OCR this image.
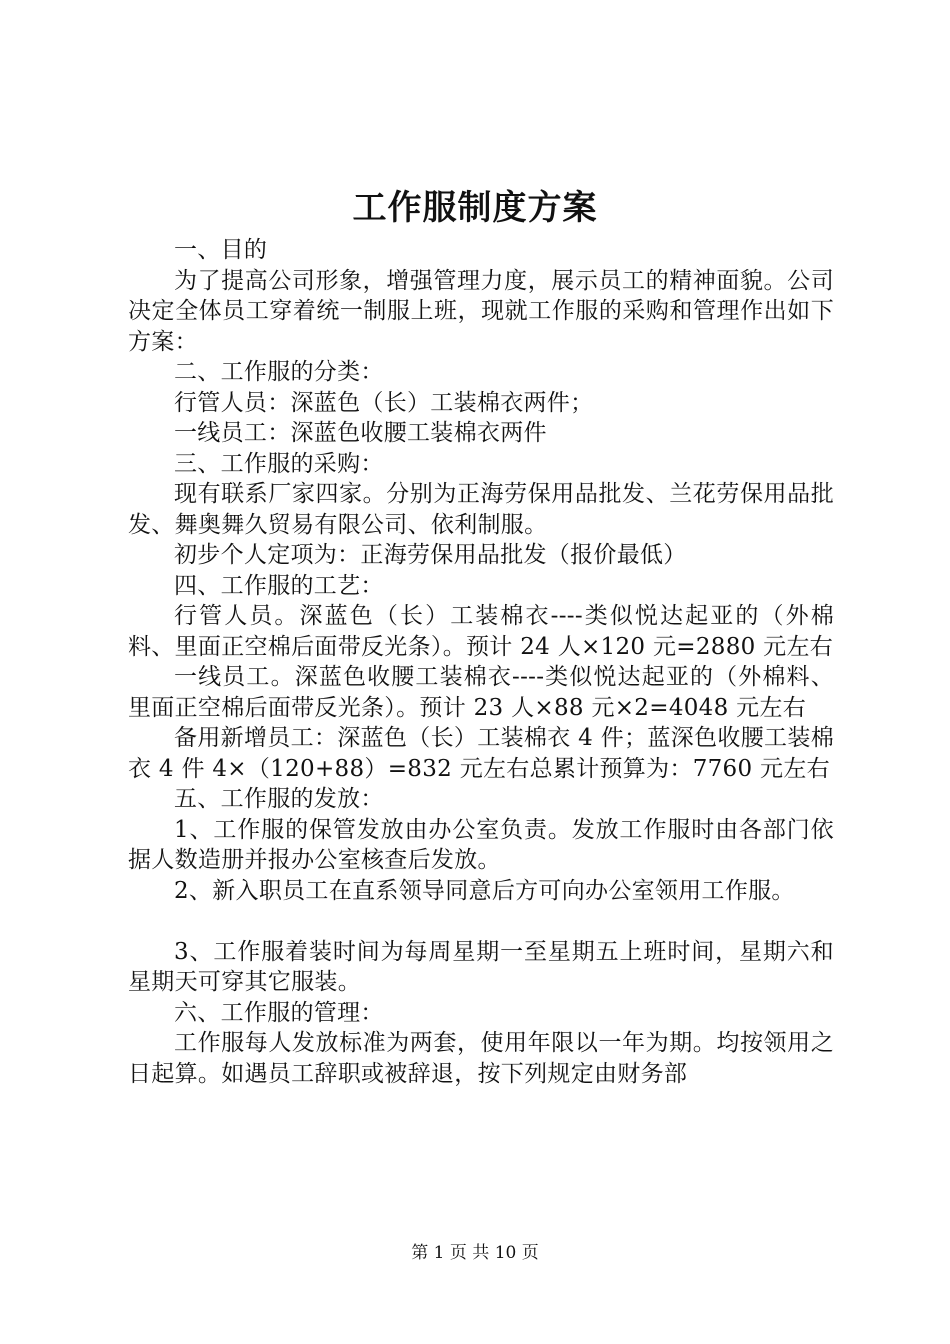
工作服制度方案

一、目的

为了提高公司形象，增强管理力度，展示员工的精神面貌。公司决定全体员工穿着统一制服上班，现就工作服的采购和管理作出如下方案：

二、工作服的分类：

行管人员：深蓝色（长）工装棉衣两件；

一线员工：深蓝色收腰工装棉衣两件

三、工作服的采购：

现有联系厂家四家。分别为正海劳保用品批发、兰花劳保用品批发、舞奥舞久贸易有限公司、依利制服。

初步个人定项为：正海劳保用品批发（报价最低）

四、工作服的工艺：

行管人员。深蓝色（长）工装棉衣----类似悦达起亚的（外棉料、里面正空棉后面带反光条）。预计 24 人×120 元=2880 元左右

一线员工。深蓝色收腰工装棉衣----类似悦达起亚的（外棉料、里面正空棉后面带反光条）。预计 23 人×88 元×2=4048 元左右

备用新增员工：深蓝色（长）工装棉衣 4 件；蓝深色收腰工装棉衣 4 件 4×（120+88）=832 元左右总累计预算为：7760 元左右

五、工作服的发放：

1、工作服的保管发放由办公室负责。发放工作服时由各部门依据人数造册并报办公室核查后发放。

2、新入职员工在直系领导同意后方可向办公室领用工作服。

3、工作服着装时间为每周星期一至星期五上班时间，星期六和星期天可穿其它服装。

六、工作服的管理：

工作服每人发放标准为两套，使用年限以一年为期。均按领用之日起算。如遇员工辞职或被辞退，按下列规定由财务部

第 1 页 共 10 页
